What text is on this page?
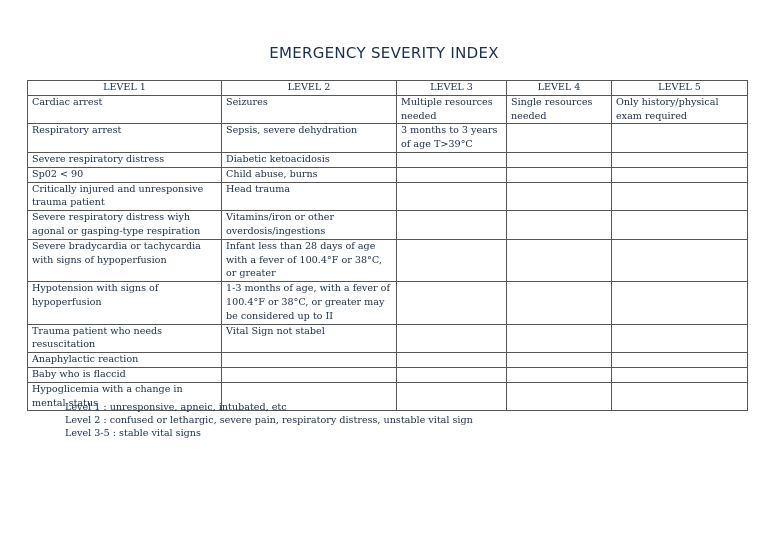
EMERGENCY SEVERITY INDEX
LEVEL 1	LEVEL 2	LEVEL 3	LEVEL 4	LEVEL 5
Cardiac arrest	Seizures	Multiple resources needed	Single resources needed	Only history/physical exam required
Respiratory arrest	Sepsis, severe dehydration	3 months to 3 years of age T>39°C		
Severe respiratory distress	Diabetic ketoacidosis			
Sp02 < 90	Child abuse, burns			
Critically injured and unresponsive trauma patient	Head trauma			
Severe respiratory distress wiyh agonal or gasping-type respiration	Vitamins/iron or other overdosis/ingestions			
Severe bradycardia or tachycardia with signs of hypoperfusion	Infant less than 28 days of age with a fever of 100.4°F or 38°C, or greater			
Hypotension with signs of hypoperfusion	1-3 months of age, with a fever of 100.4°F or 38°C, or greater may be considered up to II			
Trauma patient who needs resuscitation	Vital Sign not stabel			
Anaphylactic reaction				
Baby who is flaccid				
Hypoglicemia with a change in mental status				
Level 1 : unresponsive, apneic, intubated, etc
Level 2 : confused or lethargic, severe pain, respiratory distress, unstable vital sign
Level 3-5 : stable vital signs
